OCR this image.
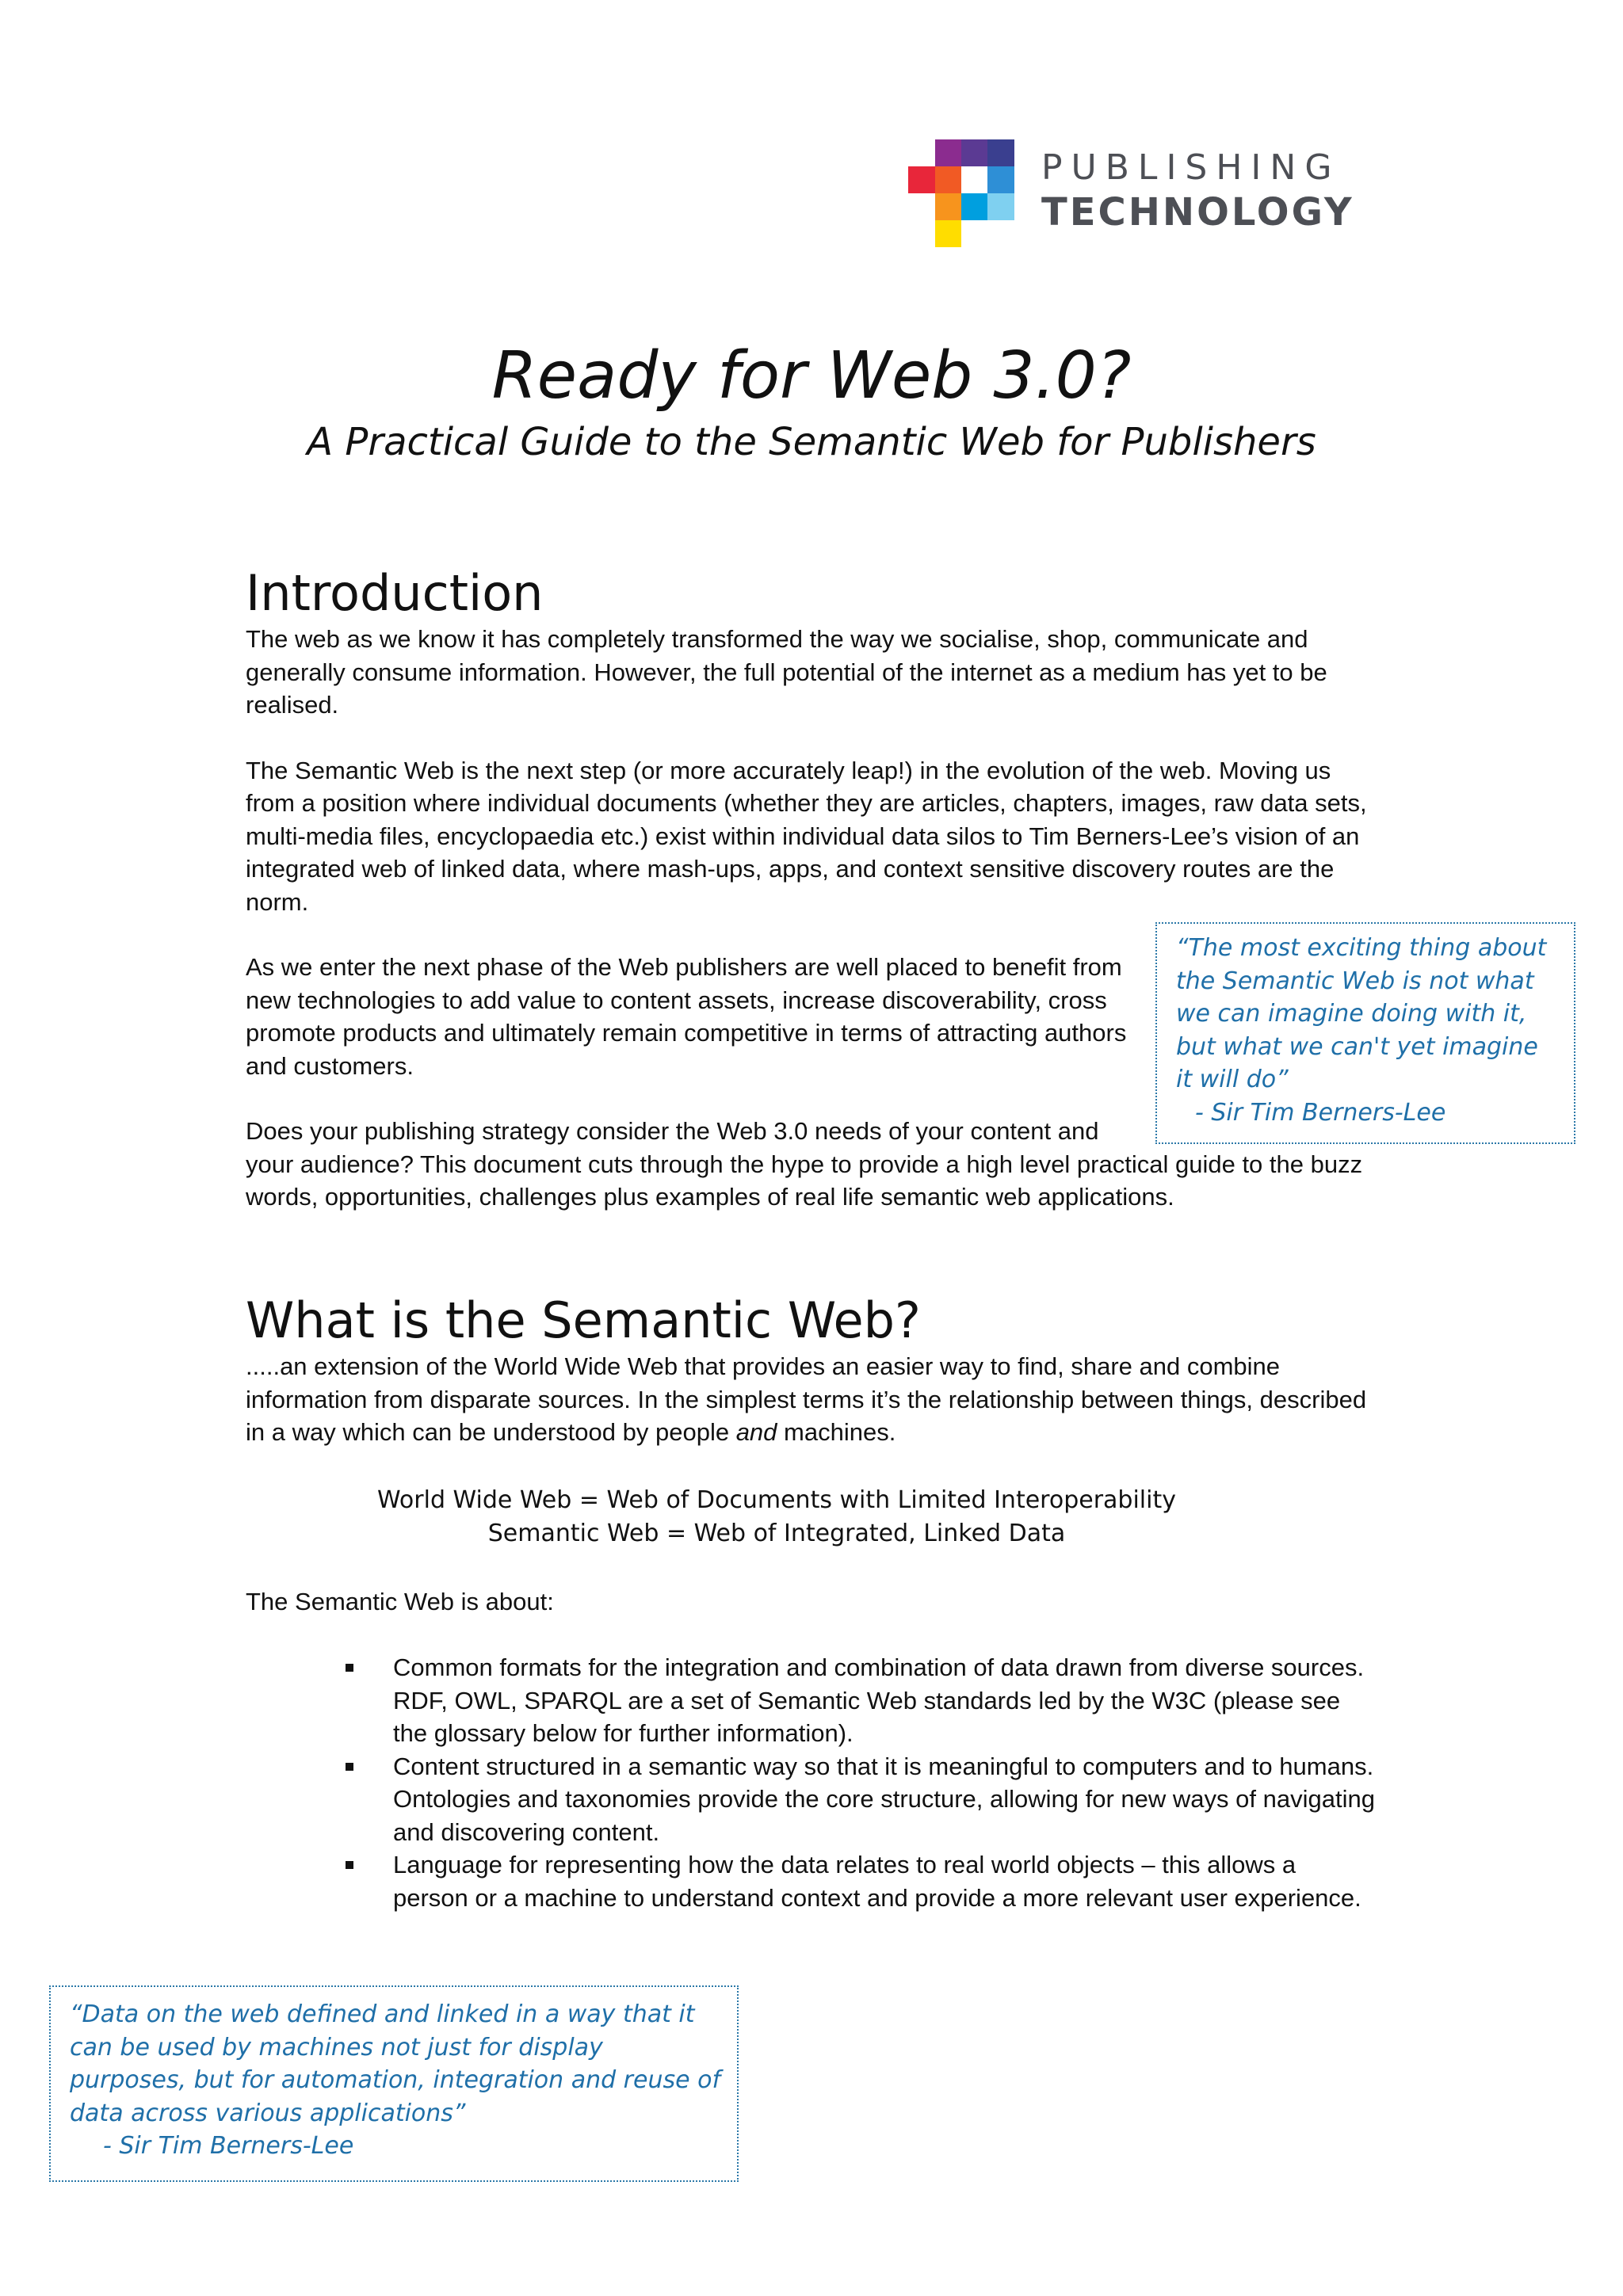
PUBLISHING
TECHNOLOGY
Ready for Web 3.0?
A Practical Guide to the Semantic Web for Publishers
Introduction

The web as we know it has completely transformed the way we socialise, shop, communicate and generally consume information. However, the full potential of the internet as a medium has yet to be realised.

The Semantic Web is the next step (or more accurately leap!) in the evolution of the web. Moving us from a position where individual documents (whether they are articles, chapters, images, raw data sets, multi-media files, encyclopaedia etc.) exist within individual data silos to Tim Berners-Lee’s vision of an integrated web of linked data, where mash-ups, apps, and context sensitive discovery routes are the norm.

As we enter the next phase of the Web publishers are well placed to benefit from new technologies to add value to content assets, increase discoverability, cross promote products and ultimately remain competitive in terms of attracting authors and customers.

Does your publishing strategy consider the Web 3.0 needs of your content and
your audience? This document cuts through the hype to provide a high level practical guide to the buzz words, opportunities, challenges plus examples of real life semantic web applications.

“The most exciting thing about the Semantic Web is not what we can imagine doing with it, but what we can't yet imagine it will do”
- Sir Tim Berners-Lee
What is the Semantic Web?

.....an extension of the World Wide Web that provides an easier way to find, share and combine information from disparate sources. In the simplest terms it’s the relationship between things, described in a way which can be understood by people and machines.

World Wide Web = Web of Documents with Limited Interoperability
Semantic Web = Web of Integrated, Linked Data

The Semantic Web is about:

Common formats for the integration and combination of data drawn from diverse sources. RDF, OWL, SPARQL are a set of Semantic Web standards led by the W3C (please see the glossary below for further information).
Content structured in a semantic way so that it is meaningful to computers and to humans. Ontologies and taxonomies provide the core structure, allowing for new ways of navigating and discovering content.
Language for representing how the data relates to real world objects – this allows a person or a machine to understand context and provide a more relevant user experience.
“Data on the web defined and linked in a way that it can be used by machines not just for display purposes, but for automation, integration and reuse of data across various applications”
- Sir Tim Berners-Lee
